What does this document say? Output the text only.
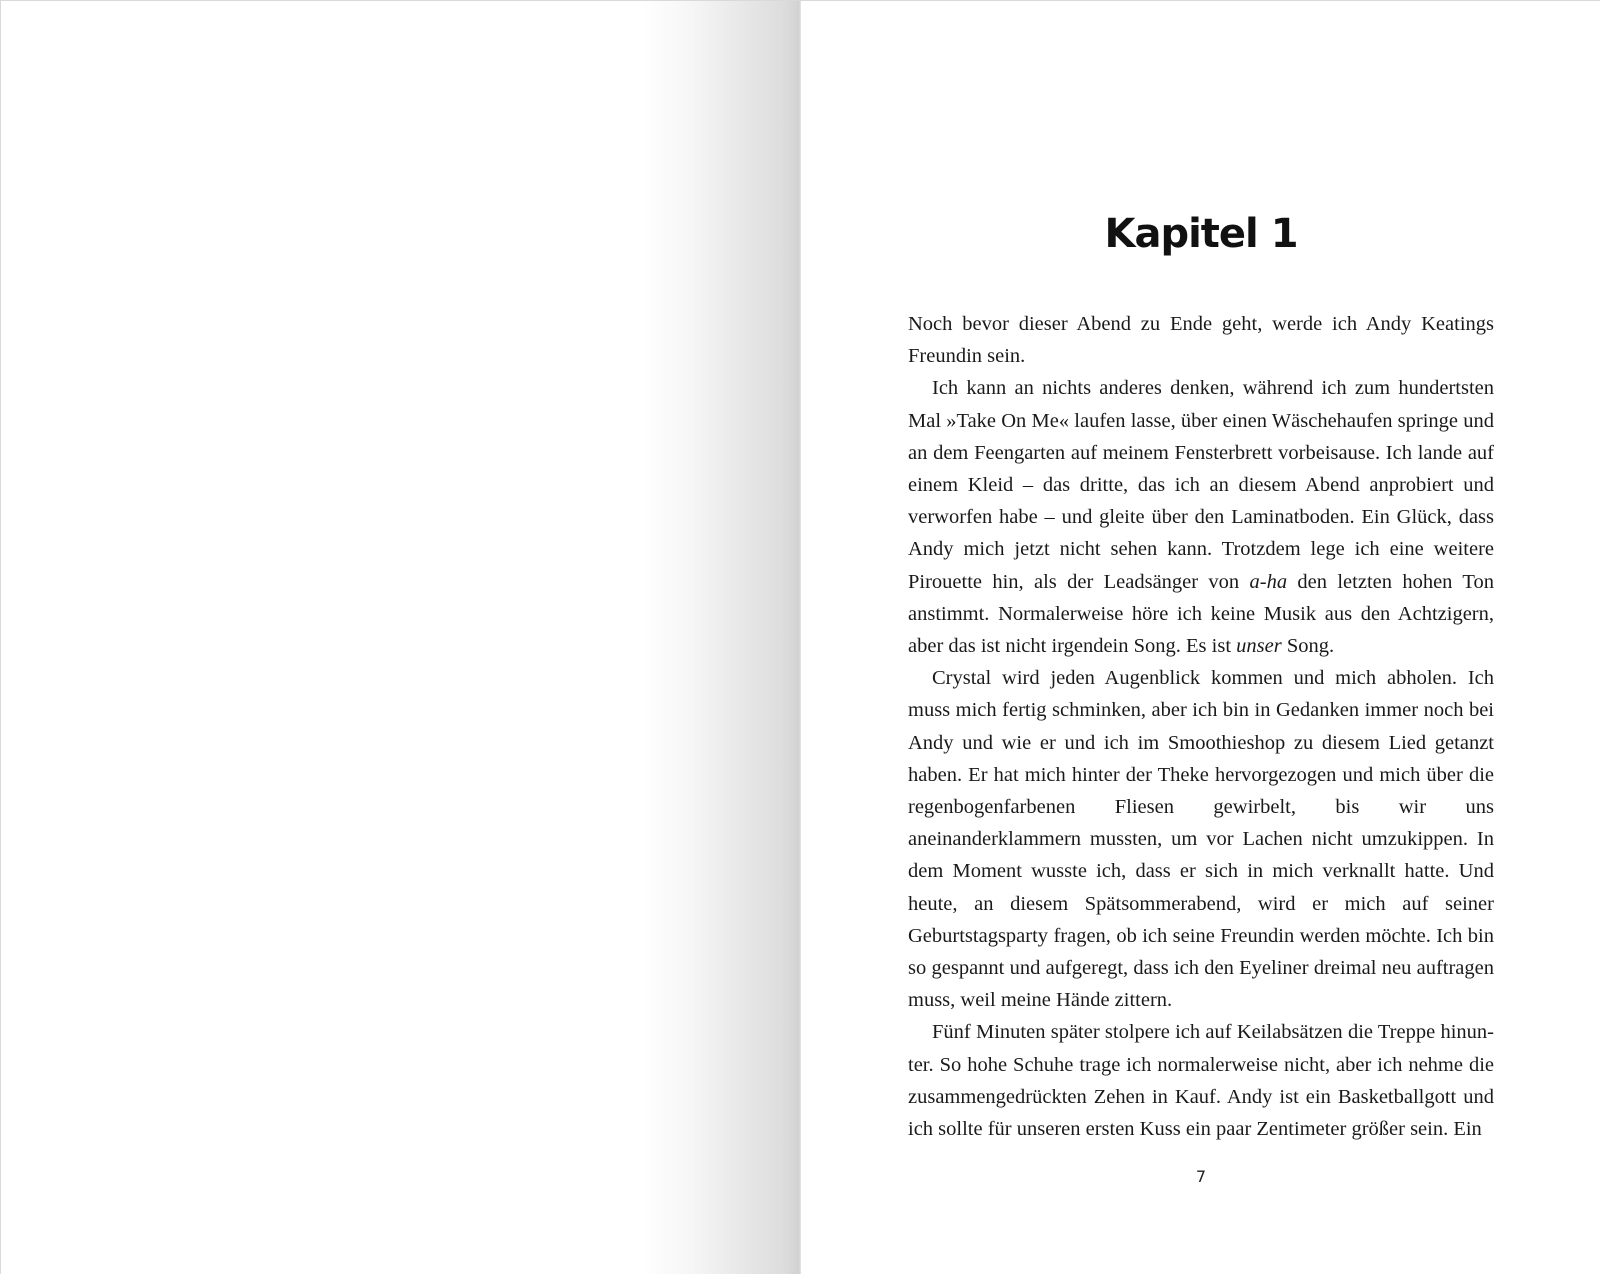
Kapitel 1

Noch bevor dieser Abend zu Ende geht, werde ich Andy Keatings Freundin sein.

Ich kann an nichts anderes denken, während ich zum hundertsten Mal »Take On Me« laufen lasse, über einen Wäschehaufen springe und an dem Feengarten auf meinem Fensterbrett vorbeisause. Ich lande auf einem Kleid – das dritte, das ich an diesem Abend anprobiert und verworfen habe – und gleite über den Laminatboden. Ein Glück, dass Andy mich jetzt nicht sehen kann. Trotzdem lege ich eine weitere Pirouette hin, als der Leadsänger von a-ha den letzten hohen Ton anstimmt. Normalerweise höre ich keine Musik aus den Achtzigern, aber das ist nicht irgendein Song. Es ist unser Song.

Crystal wird jeden Augenblick kommen und mich abholen. Ich muss mich fertig schminken, aber ich bin in Gedanken immer noch bei Andy und wie er und ich im Smoothieshop zu diesem Lied getanzt haben. Er hat mich hinter der Theke hervorgezogen und mich über die regenbogenfarbenen Fliesen gewirbelt, bis wir uns aneinanderklammern mussten, um vor Lachen nicht umzukippen. In dem Moment wusste ich, dass er sich in mich verknallt hatte. Und heute, an diesem Spätsommerabend, wird er mich auf seiner Geburtstagsparty fragen, ob ich seine Freundin werden möchte. Ich bin so gespannt und aufgeregt, dass ich den Eyeliner dreimal neu auftragen muss, weil meine Hände zittern.

Fünf Minuten später stolpere ich auf Keilabsätzen die Treppe hinunter. So hohe Schuhe trage ich normalerweise nicht, aber ich nehme die zusammengedrückten Zehen in Kauf. Andy ist ein Basketballgott und ich sollte für unseren ersten Kuss ein paar Zentimeter größer sein. Ein

7
